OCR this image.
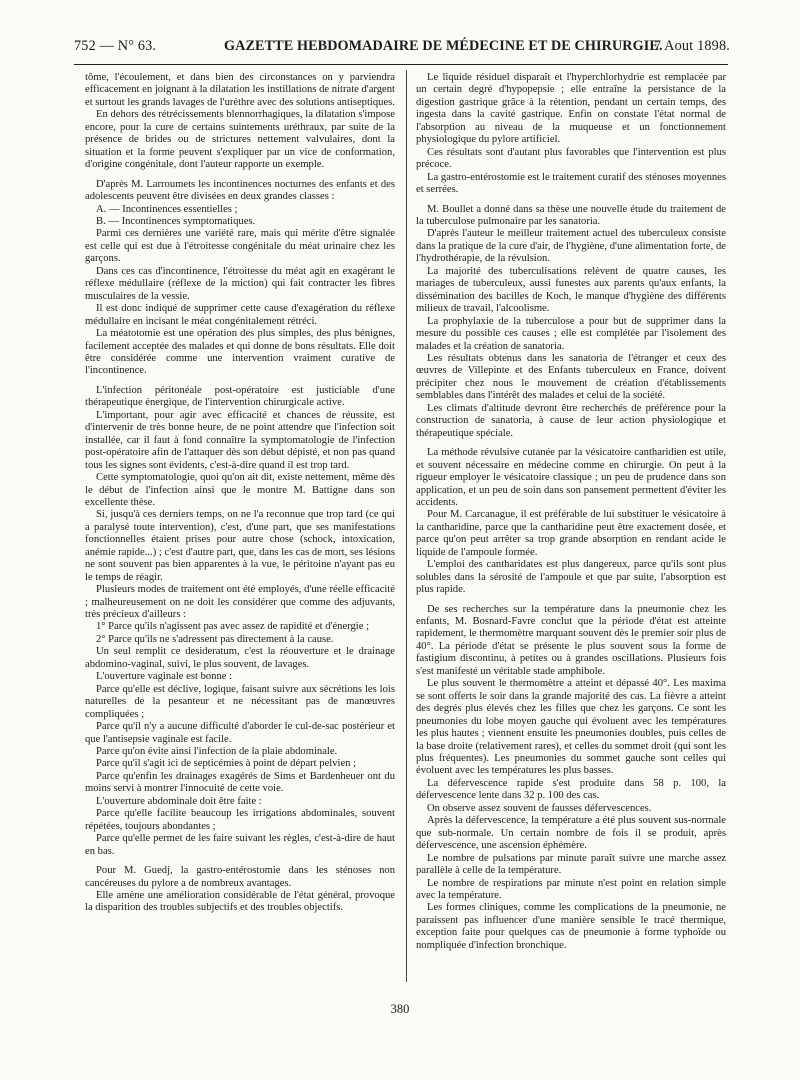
752 — N° 63.	GAZETTE HEBDOMADAIRE DE MÉDECINE ET DE CHIRURGIE.
7 Aout 1898.

tôme, l'écoulement, et dans bien des circonstances on y parviendra efficacement en joignant à la dilatation les instillations de nitrate d'argent et surtout les grands lavages de l'urèthre avec des solutions antiseptiques.

En dehors des rétrécissements blennorrhagiques, la dilatation s'impose encore, pour la cure de certains suintements uréthraux, par suite de la présence de brides ou de strictures nettement valvulaires, dont la situation et la forme peuvent s'expliquer par un vice de conformation, d'origine congénitale, dont l'auteur rapporte un exemple.

D'après M. Larroumets les incontinences nocturnes des enfants et des adolescents peuvent être divisées en deux grandes classes :

A. — Incontinences essentielles ;

B. — Incontinences symptomatiques.

Parmi ces dernières une variété rare, mais qui mérite d'être signalée est celle qui est due à l'étroitesse congénitale du méat urinaire chez les garçons.

Dans ces cas d'incontinence, l'étroitesse du méat agit en exagérant le réflexe médullaire (réflexe de la miction) qui fait contracter les fibres musculaires de la vessie.

Il est donc indiqué de supprimer cette cause d'exagération du réflexe médullaire en incisant le méat congénitalement rétréci.

La méatotomie est une opération des plus simples, des plus bénignes, facilement acceptée des malades et qui donne de bons résultats. Elle doit être considérée comme une intervention vraiment curative de l'incontinence.

L'infection péritonéale post-opératoire est justiciable d'une thérapeutique énergique, de l'intervention chirurgicale active.

L'important, pour agir avec efficacité et chances de réussite, est d'intervenir de très bonne heure, de ne point attendre que l'infection soit installée, car il faut à fond connaître la symptomatologie de l'infection post-opératoire afin de l'attaquer dès son début dépisté, et non pas quand tous les signes sont évidents, c'est-à-dire quand il est trop tard.

Cette symptomatologie, quoi qu'on ait dit, existe nettement, même dès le début de l'infection ainsi que le montre M. Battigne dans son excellente thèse.

Si, jusqu'à ces derniers temps, on ne l'a reconnue que trop tard (ce qui a paralysé toute intervention), c'est, d'une part, que ses manifestations fonctionnelles étaient prises pour autre chose (schock, intoxication, anémie rapide...) ; c'est d'autre part, que, dans les cas de mort, ses lésions ne sont souvent pas bien apparentes à la vue, le péritoine n'ayant pas eu le temps de réagir.

Plusieurs modes de traitement ont été employés, d'une réelle efficacité ; malheureusement on ne doit les considérer que comme des adjuvants, très précieux d'ailleurs :

1° Parce qu'ils n'agissent pas avec assez de rapidité et d'énergie ;

2° Parce qu'ils ne s'adressent pas directement à la cause.

Un seul remplit ce desideratum, c'est la réouverture et le drainage abdomino-vaginal, suivi, le plus souvent, de lavages.

L'ouverture vaginale est bonne :

Parce qu'elle est déclive, logique, faisant suivre aux sécrétions les lois naturelles de la pesanteur et ne nécessitant pas de manœuvres compliquées ;

Parce qu'il n'y a aucune difficulté d'aborder le cul-de-sac postérieur et que l'antisepsie vaginale est facile.

Parce qu'on évite ainsi l'infection de la plaie abdominale.

Parce qu'il s'agit ici de septicémies à point de départ pelvien ;

Parce qu'enfin les drainages exagérés de Sims et Bardenheuer ont du moins servi à montrer l'innocuité de cette voie.

L'ouverture abdominale doit être faite :

Parce qu'elle facilite beaucoup les irrigations abdominales, souvent répétées, toujours abondantes ;

Parce qu'elle permet de les faire suivant les règles, c'est-à-dire de haut en bas.

Pour M. Guedj, la gastro-entérostomie dans les sténoses non cancéreuses du pylore a de nombreux avantages.

Elle amène une amélioration considérable de l'état général, provoque la disparition des troubles subjectifs et des troubles objectifs.

Le liquide résiduel disparaît et l'hyperchlorhydrie est remplacée par un certain degré d'hypopepsie ; elle entraîne la persistance de la digestion gastrique grâce à la rétention, pendant un certain temps, des ingesta dans la cavité gastrique. Enfin on constate l'état normal de l'absorption au niveau de la muqueuse et un fonctionnement physiologique du pylore artificiel.

Ces résultats sont d'autant plus favorables que l'intervention est plus précoce.

La gastro-entérostomie est le traitement curatif des sténoses moyennes et serrées.

M. Boullet a donné dans sa thèse une nouvelle étude du traitement de la tuberculose pulmonaire par les sanatoria.

D'après l'auteur le meilleur traitement actuel des tuberculeux consiste dans la pratique de la cure d'air, de l'hygiène, d'une alimentation forte, de l'hydrothérapie, de la révulsion.

La majorité des tuberculisations relèvent de quatre causes, les mariages de tuberculeux, aussi funestes aux parents qu'aux enfants, la dissémination des bacilles de Koch, le manque d'hygiène des différents milieux de travail, l'alcoolisme.

La prophylaxie de la tuberculose a pour but de supprimer dans la mesure du possible ces causes ; elle est complétée par l'isolement des malades et la création de sanatoria.

Les résultats obtenus dans les sanatoria de l'étranger et ceux des œuvres de Villepinte et des Enfants tuberculeux en France, doivent précipiter chez nous le mouvement de création d'établissements semblables dans l'intérêt des malades et celui de la société.

Les climats d'altitude devront être recherchés de préférence pour la construction de sanatoria, à cause de leur action physiologique et thérapeutique spéciale.

La méthode révulsive cutanée par la vésicatoire cantharidien est utile, et souvent nécessaire en médecine comme en chirurgie. On peut à la rigueur employer le vésicatoire classique ; un peu de prudence dans son application, et un peu de soin dans son pansement permettent d'éviter les accidents.

Pour M. Carcanague, il est préférable de lui substituer le vésicatoire à la cantharidine, parce que la cantharidine peut être exactement dosée, et parce qu'on peut arrêter sa trop grande absorption en rendant acide le liquide de l'ampoule formée.

L'emploi des cantharidates est plus dangereux, parce qu'ils sont plus solubles dans la sérosité de l'ampoule et que par suite, l'absorption est plus rapide.

De ses recherches sur la température dans la pneumonie chez les enfants, M. Bosnard-Favre conclut que la période d'état est atteinte rapidement, le thermomètre marquant souvent dès le premier soir plus de 40°. La période d'état se présente le plus souvent sous la forme de fastigium discontinu, à petites ou à grandes oscillations. Plusieurs fois s'est manifesté un véritable stade amphibole.

Le plus souvent le thermomètre a atteint et dépassé 40°. Les maxima se sont offerts le soir dans la grande majorité des cas. La fièvre a atteint des degrés plus élevés chez les filles que chez les garçons. Ce sont les pneumonies du lobe moyen gauche qui évoluent avec les températures les plus hautes ; viennent ensuite les pneumonies doubles, puis celles de la base droite (relativement rares), et celles du sommet droit (qui sont les plus fréquentes). Les pneumonies du sommet gauche sont celles qui évoluent avec les températures les plus basses.

La défervescence rapide s'est produite dans 58 p. 100, la défervescence lente dans 32 p. 100 des cas.

On observe assez souvent de fausses défervescences.

Après la défervescence, la température a été plus souvent sus-normale que sub-normale. Un certain nombre de fois il se produit, après défervescence, une ascension éphémère.

Le nombre de pulsations par minute paraît suivre une marche assez parallèle à celle de la température.

Le nombre de respirations par minute n'est point en relation simple avec la température.

Les formes cliniques, comme les complications de la pneumonie, ne paraissent pas influencer d'une manière sensible le tracé thermique, exception faite pour quelques cas de pneumonie à forme typhoïde ou nompliquée d'infection bronchique.

380
